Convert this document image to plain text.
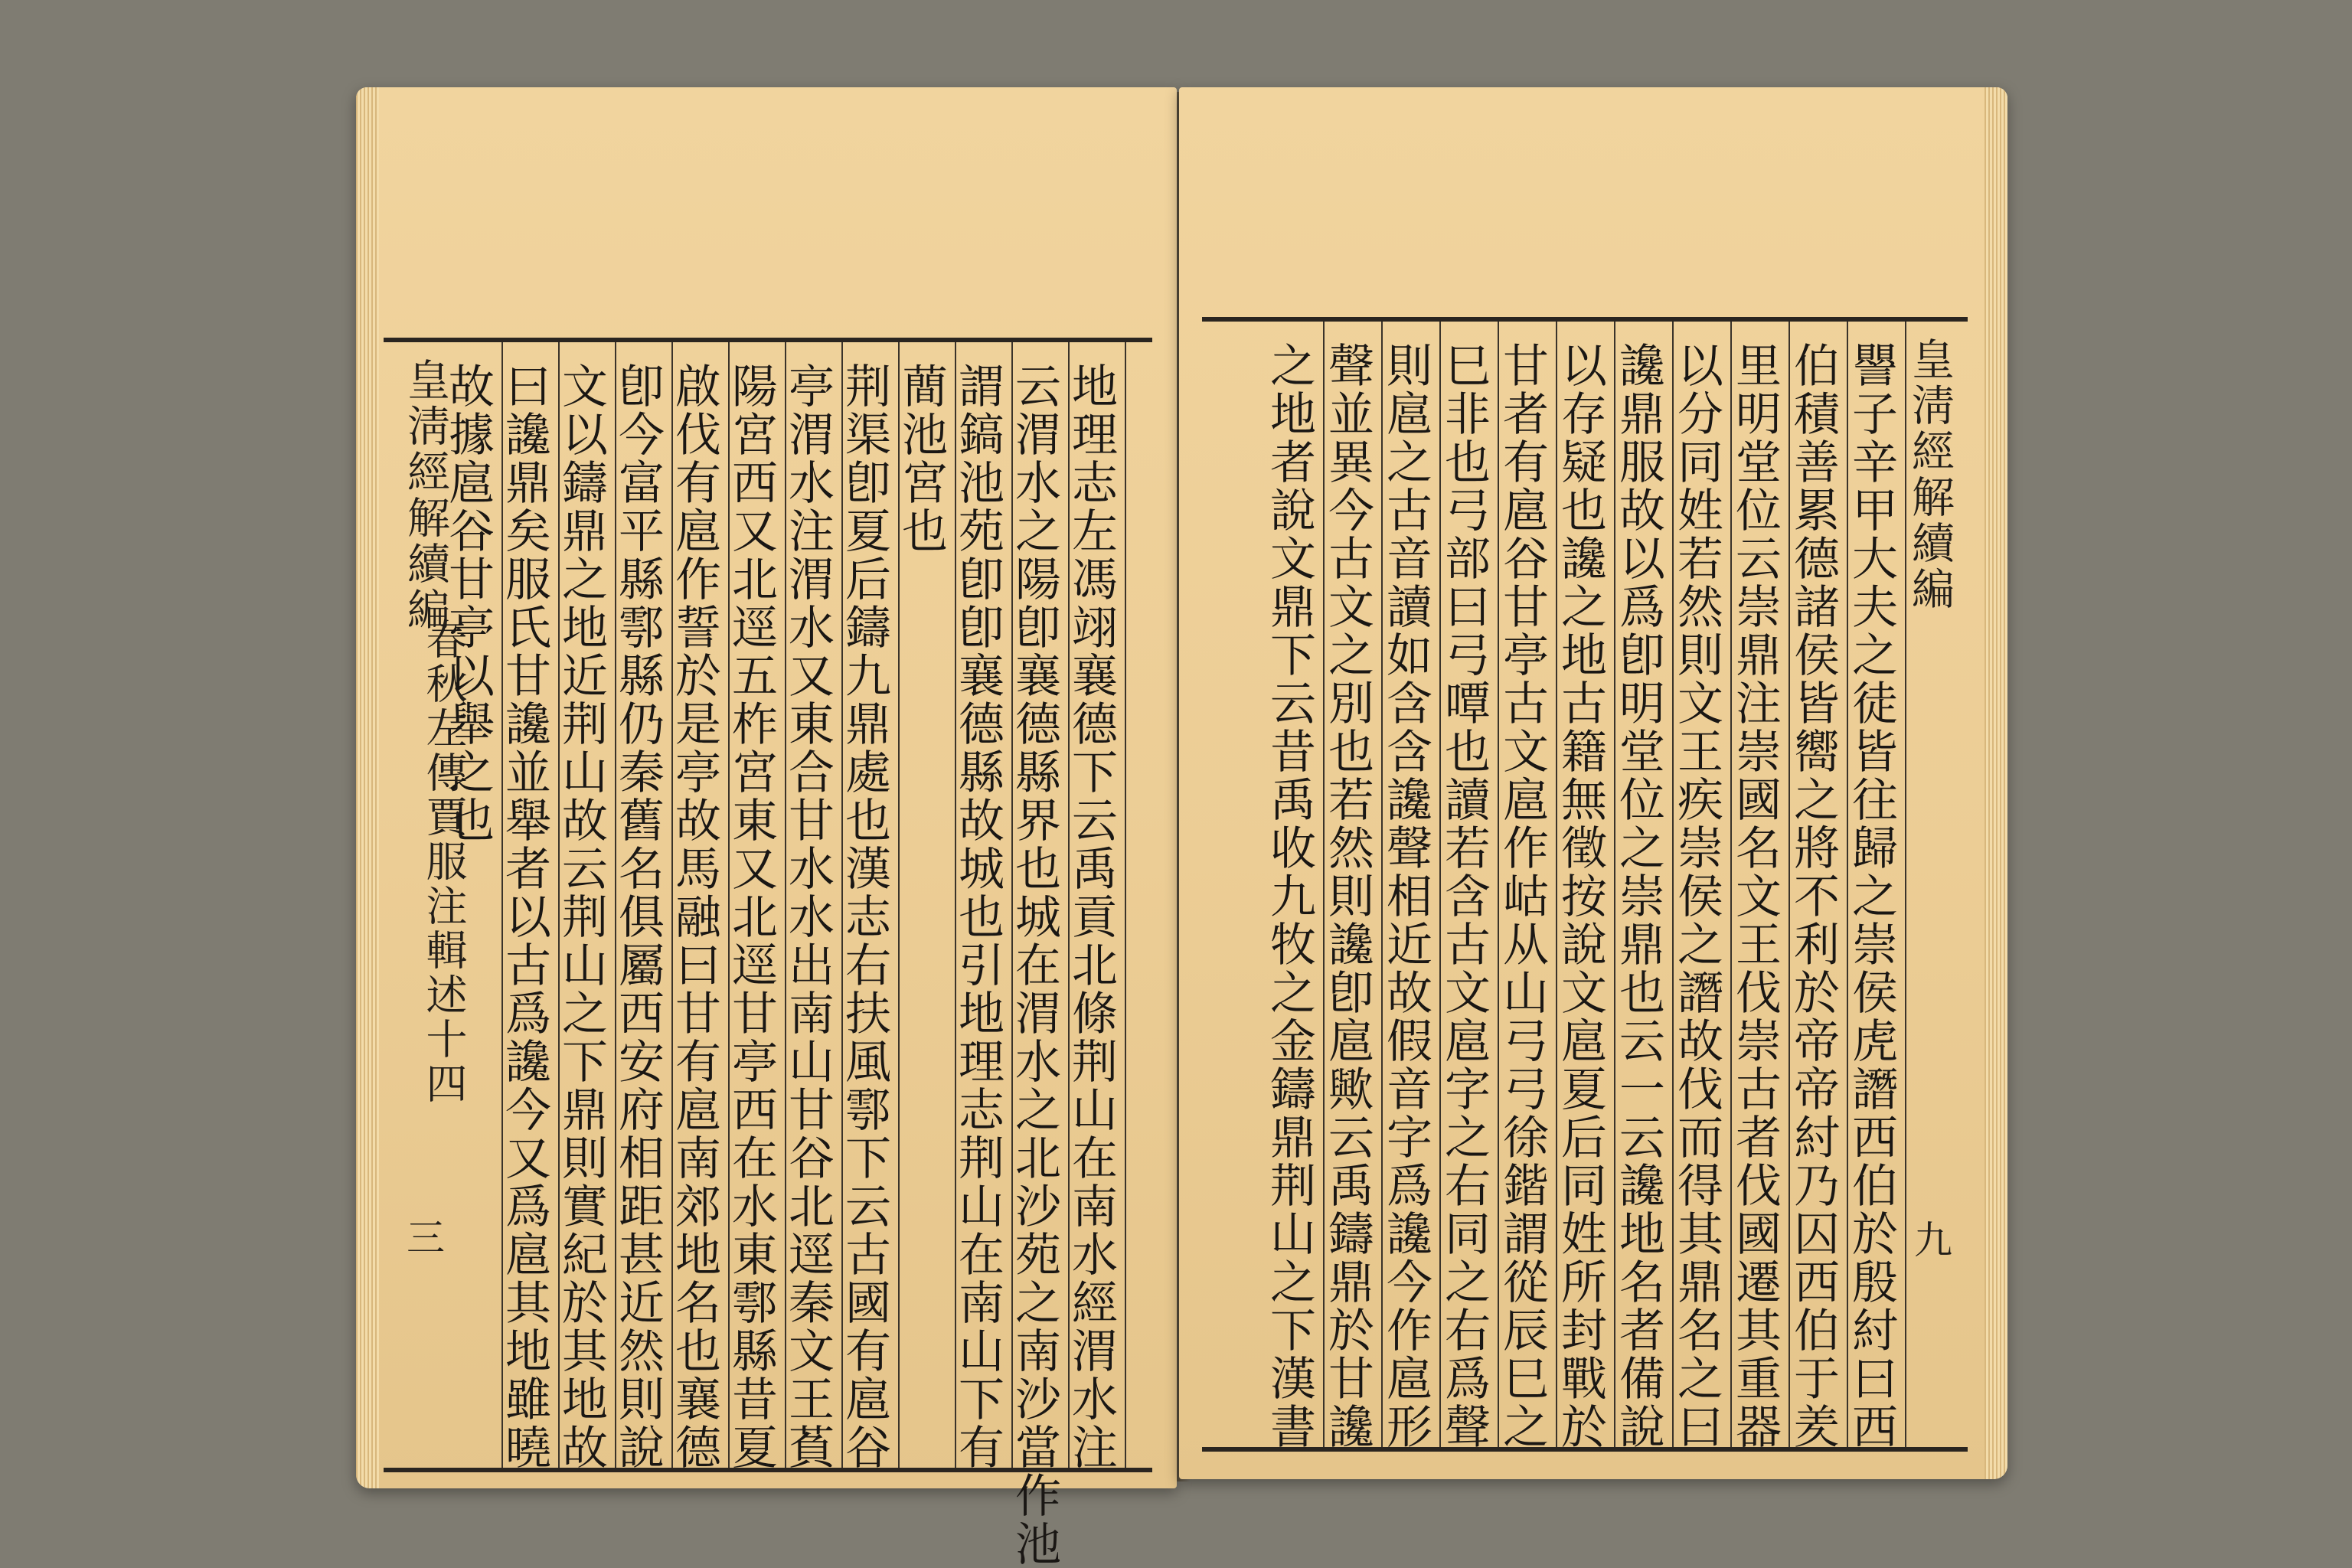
皇淸經解續編
春秋左傳賈服注輯述十四
三	地理志左馮翊襄德下云禹貢北條荆山在南水經渭水注
云渭水之陽卽襄德縣界也城在渭水之北沙苑之南沙當作池
謂鎬池苑卽卽襄德縣故城也引地理志荆山在南山下有
蕳池宮也
荆渠卽夏后鑄九鼎處也漢志右扶風鄠下云古國有扈谷
亭渭水注渭水又東合甘水水出南山甘谷北逕秦文王萯
陽宮西又北逕五柞宮東又北逕甘亭西在水東鄠縣昔夏
啟伐有扈作誓於是亭故馬融曰甘有扈南郊地名也襄德
卽今富平縣鄠縣仍秦舊名俱屬西安府相距甚近然則說
文以鑄鼎之地近荆山故云荆山之下鼎則實紀於其地故
曰讒鼎矣服氏甘讒並舉者以古爲讒今又爲扈其地雖曉
故據扈谷甘亭以舉之也	皇淸經解續編
九
譻子辛甲大夫之徒皆往歸之崇侯虎譖西伯於殷紂曰西
伯積善累德諸侯皆嚮之將不利於帝帝紂乃囚西伯于羑
里明堂位云崇鼎注崇國名文王伐崇古者伐國遷其重器
以分同姓若然則文王疾崇侯之譖故伐而得其鼎名之曰
讒鼎服故以爲卽明堂位之崇鼎也云一云讒地名者備說
以存疑也讒之地古籍無徵按說文扈夏后同姓所封戰於
甘者有扈谷甘亭古文扈作岵从山弓弓徐鍇謂從辰巳之
巳非也弓部曰弓嘾也讀若含古文扈字之右同之右爲聲
則扈之古音讀如含含讒聲相近故假音字爲讒今作扈形
聲並異今古文之別也若然則讒卽扈歟云禹鑄鼎於甘讒
之地者說文鼎下云昔禹收九牧之金鑄鼎荆山之下漢書
